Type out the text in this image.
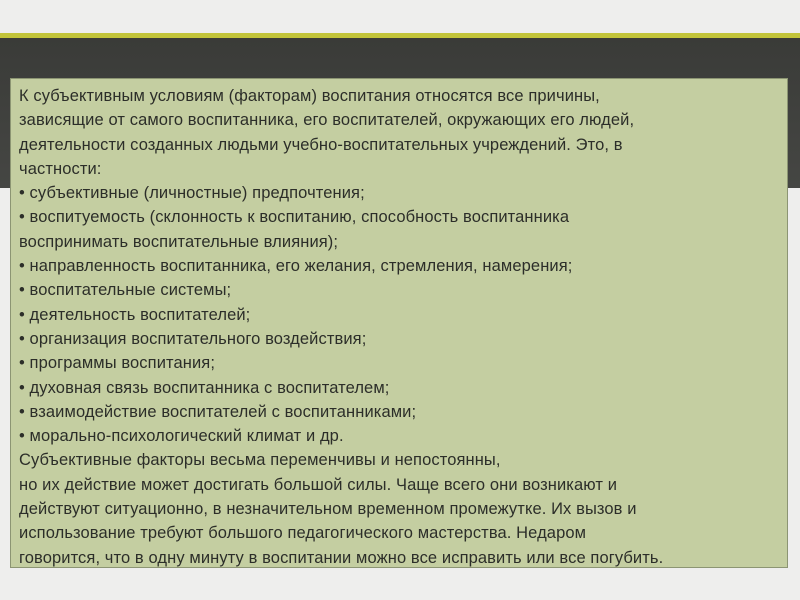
К субъективным условиям (факторам) воспитания относятся все причины,
зависящие от самого воспитанника, его воспитателей, окружающих его людей,
деятельности созданных людьми учебно-воспитательных учреждений. Это, в
частности:
• субъективные (личностные) предпочтения;
• воспитуемость (склонность к воспитанию, способность воспитанника
воспринимать воспитательные влияния);
• направленность воспитанника, его желания, стремления, намерения;
• воспитательные системы;
• деятельность воспитателей;
• организация воспитательного воздействия;
• программы воспитания;
• духовная связь воспитанника с воспитателем;
• взаимодействие воспитателей с воспитанниками;
• морально-психологический климат и др.
Субъективные факторы весьма переменчивы и непостоянны,
но их действие может достигать большой силы. Чаще всего они возникают и
действуют ситуационно, в незначительном временном промежутке. Их вызов и
использование требуют большого педагогического мастерства. Недаром
говорится, что в одну минуту в воспитании можно все исправить или все погубить.
